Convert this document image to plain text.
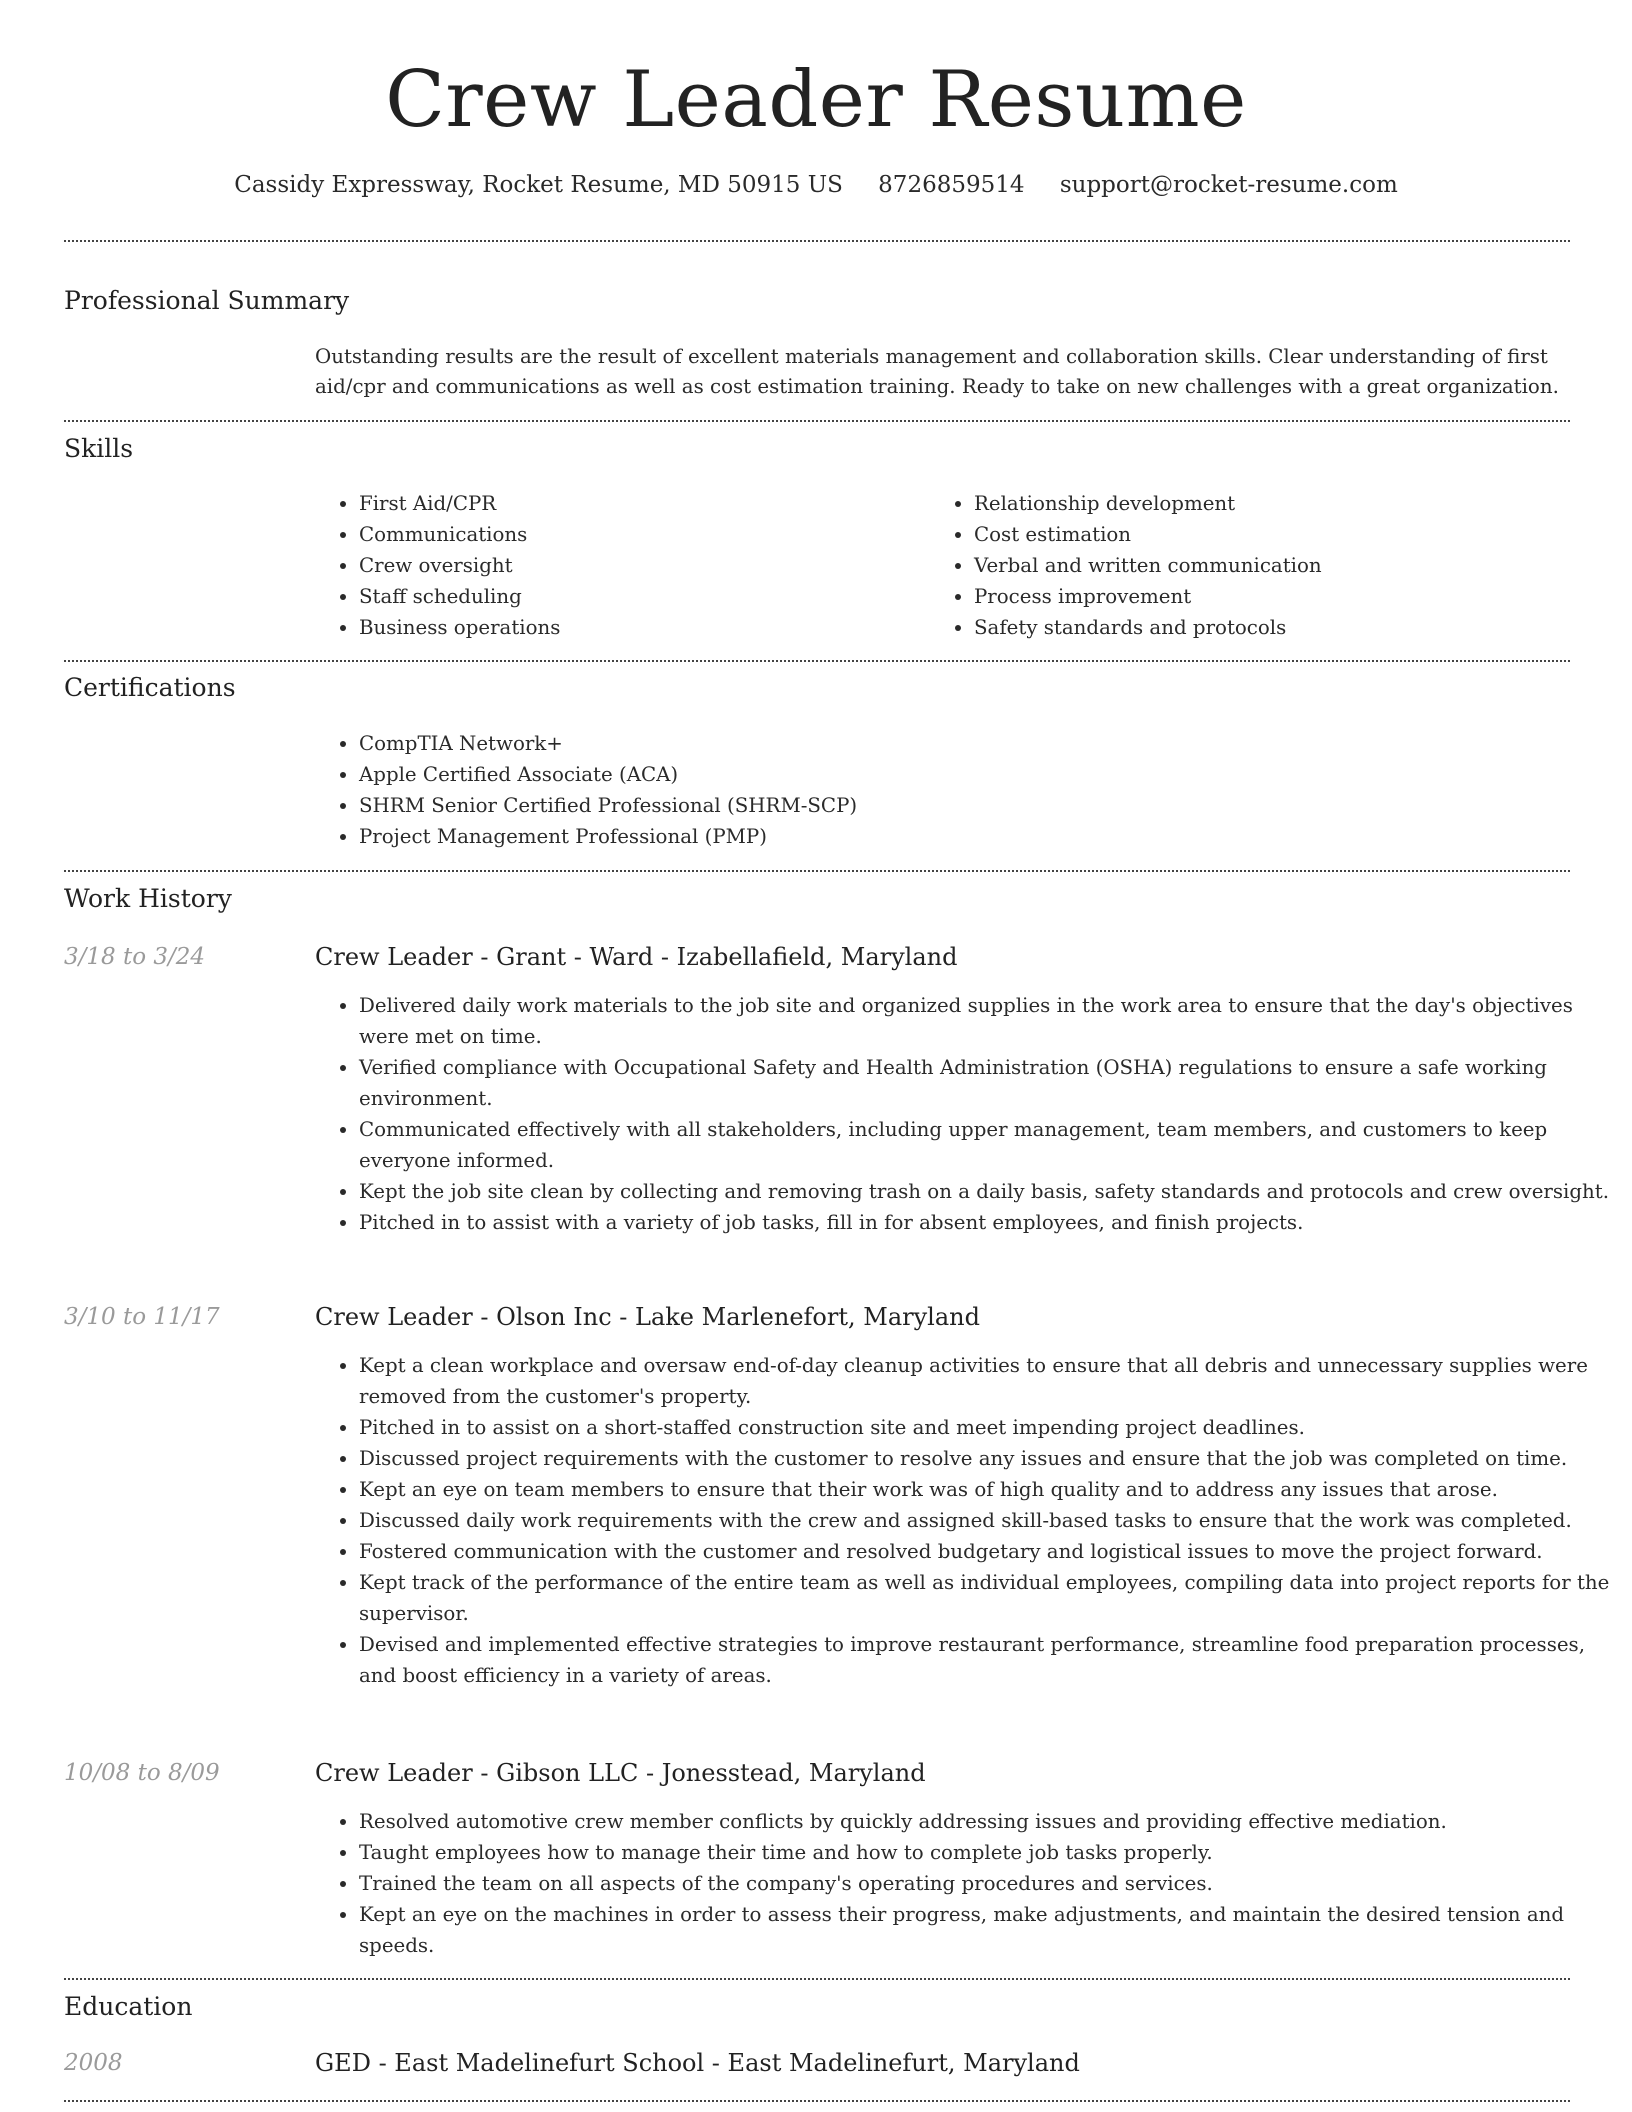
Crew Leader Resume
Cassidy Expressway, Rocket Resume, MD 50915 US 8726859514 support@rocket-resume.com
Professional Summary

Outstanding results are the result of excellent materials management and collaboration skills. Clear understanding of first aid/cpr and communications as well as cost estimation training. Ready to take on new challenges with a great organization.

Skills
• First Aid/CPR
• Communications
• Crew oversight
• Staff scheduling
• Business operations
• Relationship development
• Cost estimation
• Verbal and written communication
• Process improvement
• Safety standards and protocols
Certifications
• CompTIA Network+
• Apple Certified Associate (ACA)
• SHRM Senior Certified Professional (SHRM-SCP)
• Project Management Professional (PMP)
Work History
3/18 to 3/24	Crew Leader - Grant - Ward - Izabellafield, Maryland
• Delivered daily work materials to the job site and organized supplies in the work area to ensure that the day's objectives were met on time.
• Verified compliance with Occupational Safety and Health Administration (OSHA) regulations to ensure a safe working environment.
• Communicated effectively with all stakeholders, including upper management, team members, and customers to keep everyone informed.
• Kept the job site clean by collecting and removing trash on a daily basis, safety standards and protocols and crew oversight.
• Pitched in to assist with a variety of job tasks, fill in for absent employees, and finish projects.
3/10 to 11/17	Crew Leader - Olson Inc - Lake Marlenefort, Maryland
• Kept a clean workplace and oversaw end-of-day cleanup activities to ensure that all debris and unnecessary supplies were removed from the customer's property.
• Pitched in to assist on a short-staffed construction site and meet impending project deadlines.
• Discussed project requirements with the customer to resolve any issues and ensure that the job was completed on time.
• Kept an eye on team members to ensure that their work was of high quality and to address any issues that arose.
• Discussed daily work requirements with the crew and assigned skill-based tasks to ensure that the work was completed.
• Fostered communication with the customer and resolved budgetary and logistical issues to move the project forward.
• Kept track of the performance of the entire team as well as individual employees, compiling data into project reports for the supervisor.
• Devised and implemented effective strategies to improve restaurant performance, streamline food preparation processes, and boost efficiency in a variety of areas.
10/08 to 8/09	Crew Leader - Gibson LLC - Jonesstead, Maryland
• Resolved automotive crew member conflicts by quickly addressing issues and providing effective mediation.
• Taught employees how to manage their time and how to complete job tasks properly.
• Trained the team on all aspects of the company's operating procedures and services.
• Kept an eye on the machines in order to assess their progress, make adjustments, and maintain the desired tension and speeds.
Education
2008	GED - East Madelinefurt School - East Madelinefurt, Maryland
